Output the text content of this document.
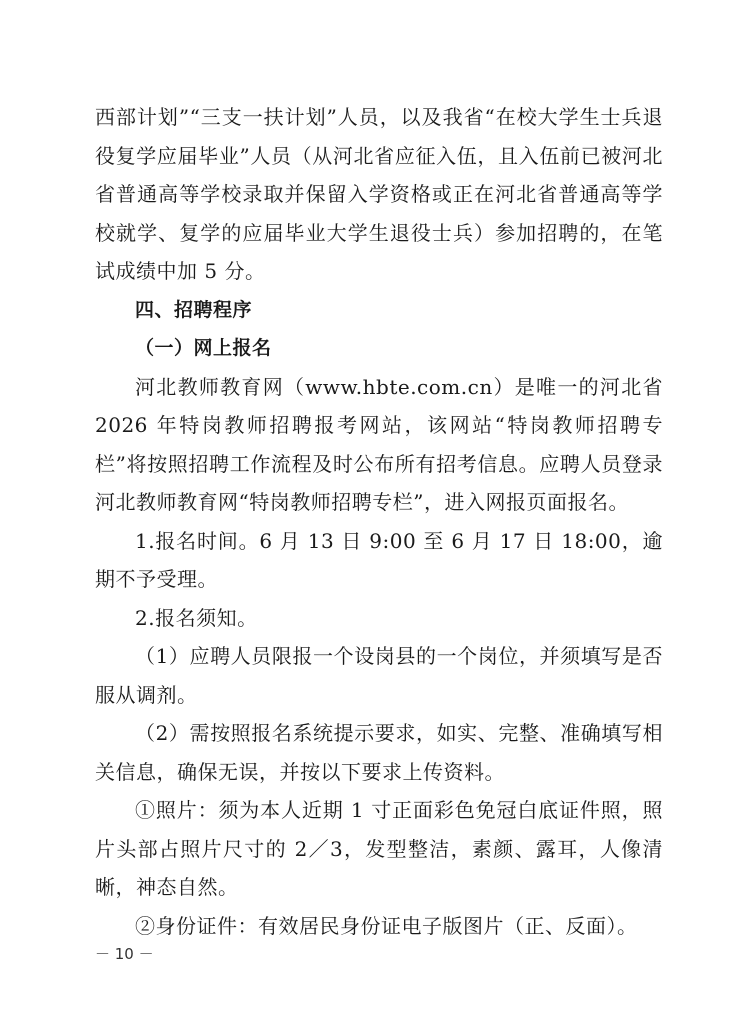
西部计划”“三支一扶计划”人员，以及我省“在校大学生士兵退役复学应届毕业”人员（从河北省应征入伍，且入伍前已被河北省普通高等学校录取并保留入学资格或正在河北省普通高等学校就学、复学的应届毕业大学生退役士兵）参加招聘的，在笔试成绩中加 5 分。

四、招聘程序

（一）网上报名

河北教师教育网（www.hbte.com.cn）是唯一的河北省 2026 年特岗教师招聘报考网站，该网站“特岗教师招聘专栏”将按照招聘工作流程及时公布所有招考信息。应聘人员登录河北教师教育网“特岗教师招聘专栏”，进入网报页面报名。

1.报名时间。6 月 13 日 9:00 至 6 月 17 日 18:00，逾期不予受理。

2.报名须知。

（1）应聘人员限报一个设岗县的一个岗位，并须填写是否服从调剂。

（2）需按照报名系统提示要求，如实、完整、准确填写相关信息，确保无误，并按以下要求上传资料。

①照片：须为本人近期 1 寸正面彩色免冠白底证件照，照片头部占照片尺寸的 2／3，发型整洁，素颜、露耳，人像清晰，神态自然。

②身份证件：有效居民身份证电子版图片（正、反面）。

－ 10 －
